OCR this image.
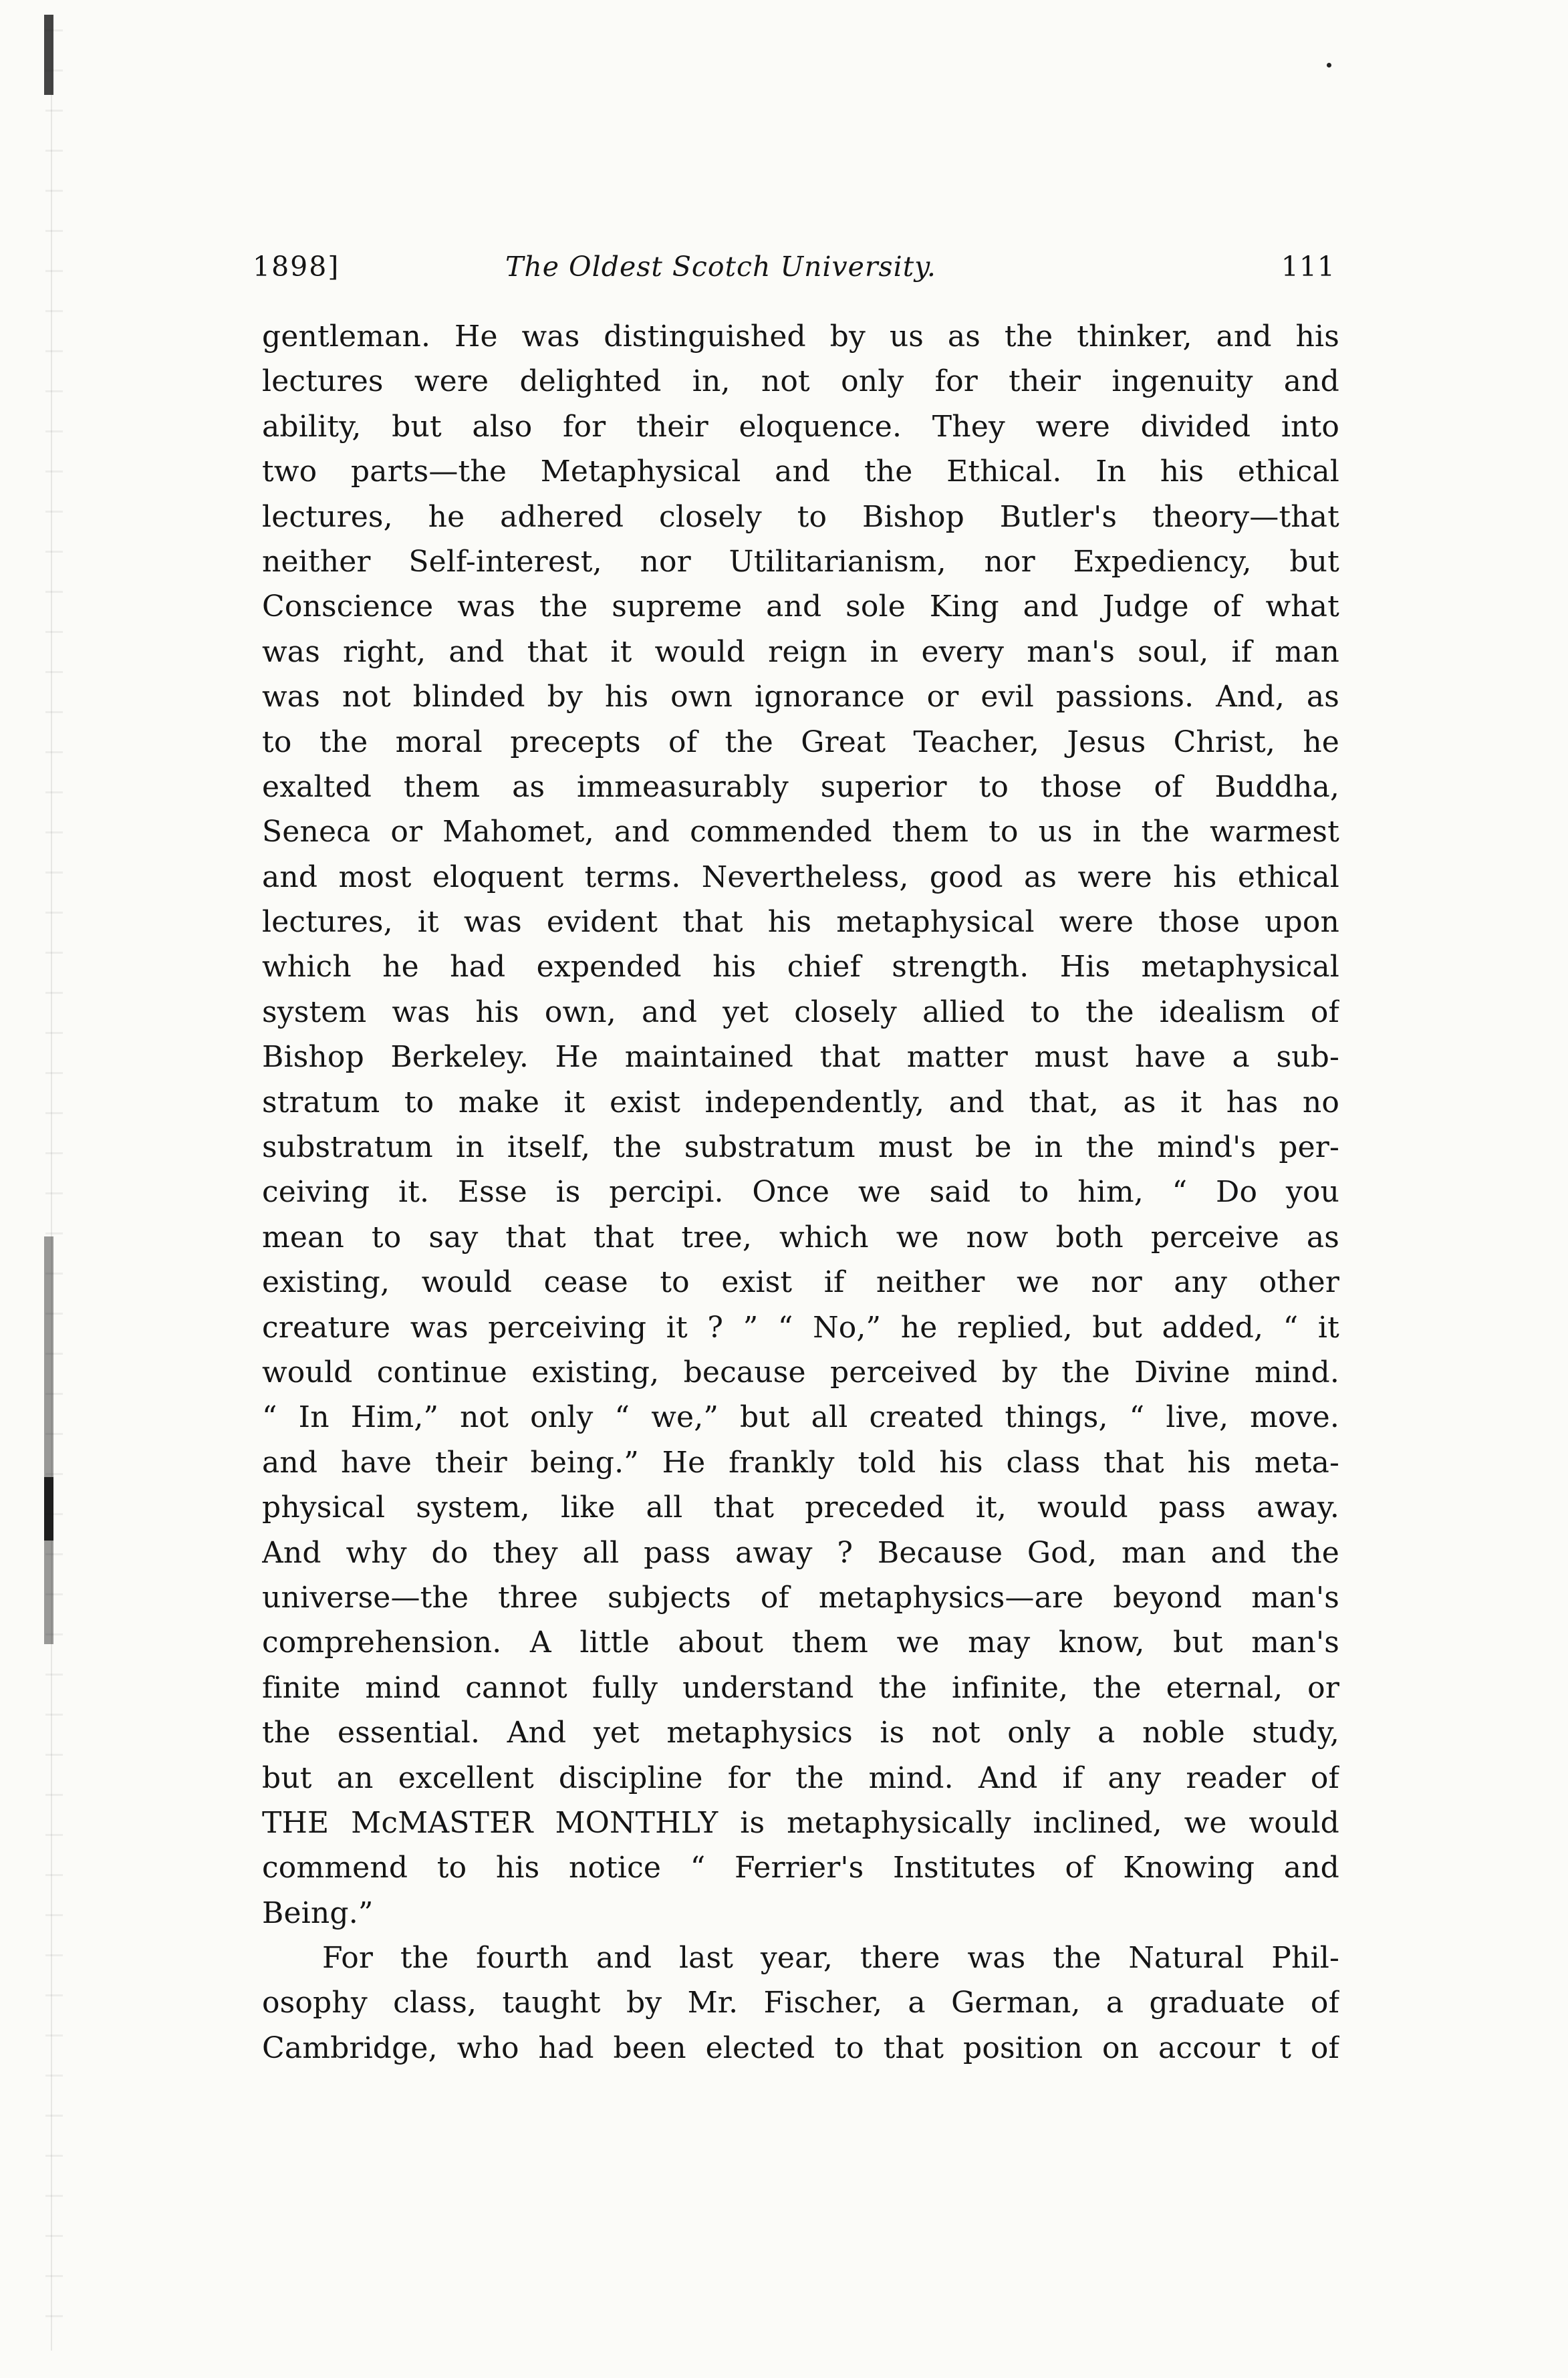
1898]	The Oldest Scotch University.	111
gentleman. He was distinguished by us as the thinker, and his
lectures were delighted in, not only for their ingenuity and
ability, but also for their eloquence. They were divided into
two parts—the Metaphysical and the Ethical. In his ethical
lectures, he adhered closely to Bishop Butler's theory—that
neither Self-interest, nor Utilitarianism, nor Expediency, but
Conscience was the supreme and sole King and Judge of what
was right, and that it would reign in every man's soul, if man
was not blinded by his own ignorance or evil passions. And, as
to the moral precepts of the Great Teacher, Jesus Christ, he
exalted them as immeasurably superior to those of Buddha,
Seneca or Mahomet, and commended them to us in the warmest
and most eloquent terms. Nevertheless, good as were his ethical
lectures, it was evident that his metaphysical were those upon
which he had expended his chief strength. His metaphysical
system was his own, and yet closely allied to the idealism of
Bishop Berkeley. He maintained that matter must have a sub-
stratum to make it exist independently, and that, as it has no
substratum in itself, the substratum must be in the mind's per-
ceiving it. Esse is percipi. Once we said to him, “ Do you
mean to say that that tree, which we now both perceive as
existing, would cease to exist if neither we nor any other
creature was perceiving it ? ” “ No,” he replied, but added, “ it
would continue existing, because perceived by the Divine mind.
“ In Him,” not only “ we,” but all created things, “ live, move.
and have their being.” He frankly told his class that his meta-
physical system, like all that preceded it, would pass away.
And why do they all pass away ? Because God, man and the
universe—the three subjects of metaphysics—are beyond man's
comprehension. A little about them we may know, but man's
finite mind cannot fully understand the infinite, the eternal, or
the essential. And yet metaphysics is not only a noble study,
but an excellent discipline for the mind. And if any reader of
THE McMASTER MONTHLY is metaphysically inclined, we would
commend to his notice “ Ferrier's Institutes of Knowing and
Being.”
For the fourth and last year, there was the Natural Phil-
osophy class, taught by Mr. Fischer, a German, a graduate of
Cambridge, who had been elected to that position on accour t of
